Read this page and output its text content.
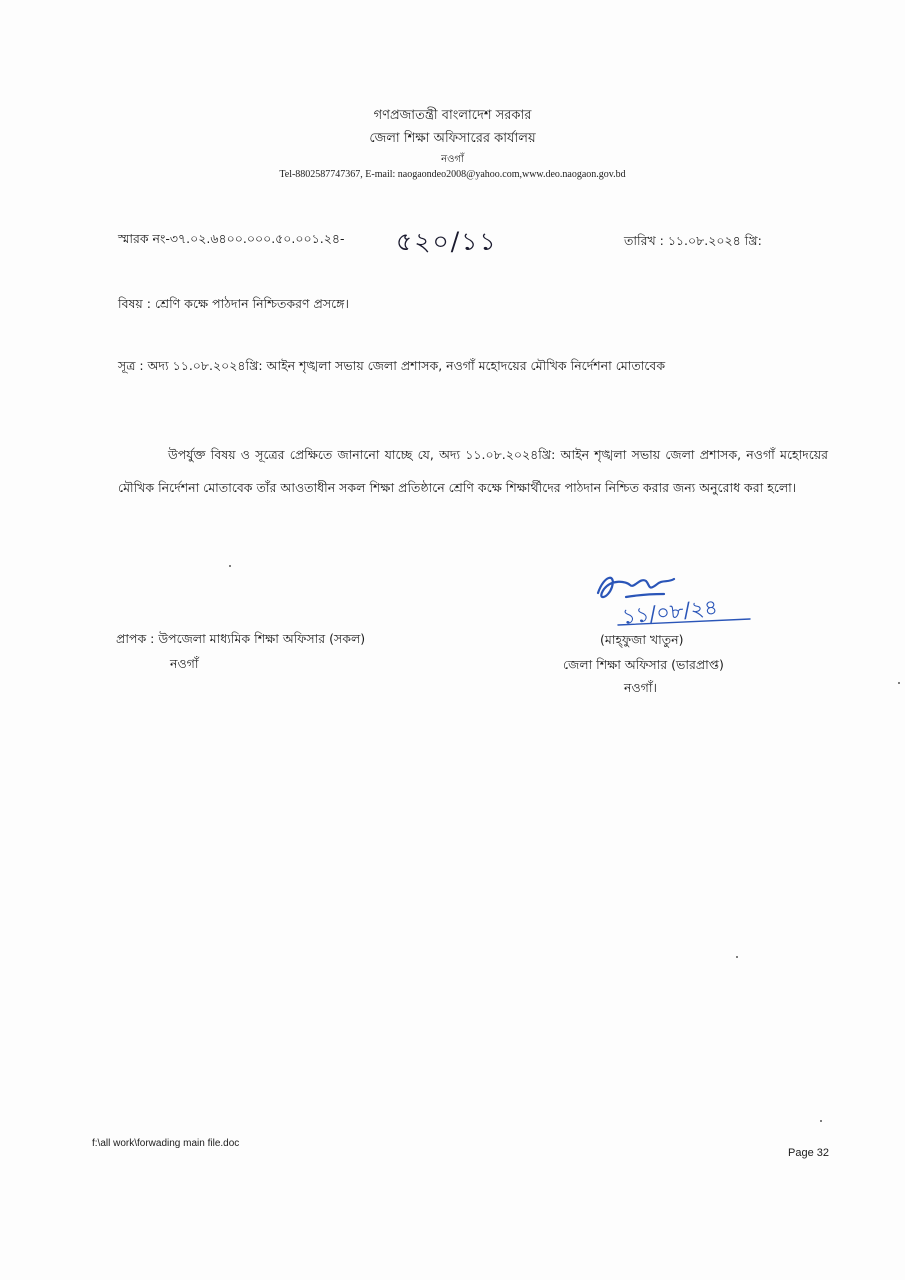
গণপ্রজাতন্ত্রী বাংলাদেশ সরকার
জেলা শিক্ষা অফিসারের কার্যালয়
নওগাঁ
Tel-8802587747367, E-mail: naogaondeo2008@yahoo.com,www.deo.naogaon.gov.bd
স্মারক নং-৩৭.০২.৬৪০০.০০০.৫০.০০১.২৪- ৫২০/১১	তারিখ : ১১.০৮.২০২৪ খ্রি:
বিষয় : শ্রেণি কক্ষে পাঠদান নিশ্চিতকরণ প্রসঙ্গে।
সূত্র : অদ্য ১১.০৮.২০২৪খ্রি: আইন শৃঙ্খলা সভায় জেলা প্রশাসক, নওগাঁ মহোদয়ের মৌখিক নির্দেশনা মোতাবেক
উপর্যুক্ত বিষয় ও সূত্রের প্রেক্ষিতে জানানো যাচ্ছে যে, অদ্য ১১.০৮.২০২৪খ্রি: আইন শৃঙ্খলা সভায় জেলা প্রশাসক, নওগাঁ মহোদয়ের মৌখিক নির্দেশনা মোতাবেক তাঁর আওতাধীন সকল শিক্ষা প্রতিষ্ঠানে শ্রেণি কক্ষে শিক্ষার্থীদের পাঠদান নিশ্চিত করার জন্য অনুরোধ করা হলো।
প্রাপক : উপজেলা মাধ্যমিক শিক্ষা অফিসার (সকল)
নওগাঁ
১১/০৮/২৪
(মাহ্‌ফুজা খাতুন)
জেলা শিক্ষা অফিসার (ভারপ্রাপ্ত)
নওগাঁ।
f:\all work\forwading main file.doc
Page 32
